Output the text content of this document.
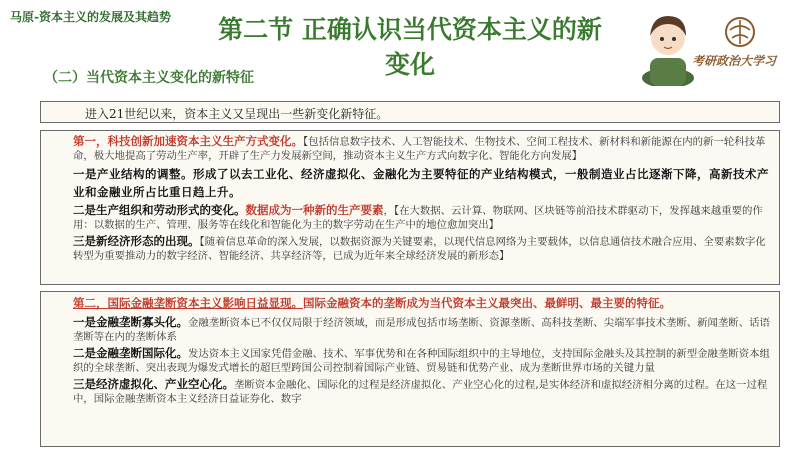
马原-资本主义的发展及其趋势	第二节 正确认识当代资本主义的新
变化	考研政治大学习
（二）当代资本主义变化的新特征
进入21世纪以来，资本主义又呈现出一些新变化新特征。

第一，科技创新加速资本主义生产方式变化。【包括信息数字技术、人工智能技术、生物技术、空间工程技术、新材料和新能源在内的新一轮科技革命，极大地提高了劳动生产率，开辟了生产力发展新空间，推动资本主义生产方式向数字化、智能化方向发展】

一是产业结构的调整。形成了以去工业化、经济虚拟化、金融化为主要特征的产业结构模式，一般制造业占比逐渐下降，高新技术产业和金融业所占比重日趋上升。

二是生产组织和劳动形式的变化。数据成为一种新的生产要素，【在大数据、云计算、物联网、区块链等前沿技术群驱动下，发挥越来越重要的作用：以数据的生产、管理、服务等在线化和智能化为主的数字劳动在生产中的地位愈加突出】

三是新经济形态的出现。【随着信息革命的深入发展，以数据资源为关键要素，以现代信息网络为主要载体，以信息通信技术融合应用、全要素数字化转型为重要推动力的数字经济、智能经济、共享经济等，已成为近年来全球经济发展的新形态】

第二，国际金融垄断资本主义影响日益显现。国际金融资本的垄断成为当代资本主义最突出、最鲜明、最主要的特征。

一是金融垄断寡头化。金融垄断资本已不仅仅局限于经济领域，而是形成包括市场垄断、资源垄断、高科技垄断、尖端军事技术垄断、新闻垄断、话语垄断等在内的垄断体系

二是金融垄断国际化。发达资本主义国家凭借金融、技术、军事优势和在各种国际组织中的主导地位，支持国际金融头及其控制的新型金融垄断资本组织的全球垄断、突出表现为爆发式增长的超巨型跨国公司控制着国际产业链、贸易链和优势产业、成为垄断世界市场的关键力量

三是经济虚拟化、产业空心化。垄断资本金融化、国际化的过程是经济虚拟化、产业空心化的过程,是实体经济和虚拟经济相分离的过程。在这一过程中，国际金融垄断资本主义经济日益证券化、数字
